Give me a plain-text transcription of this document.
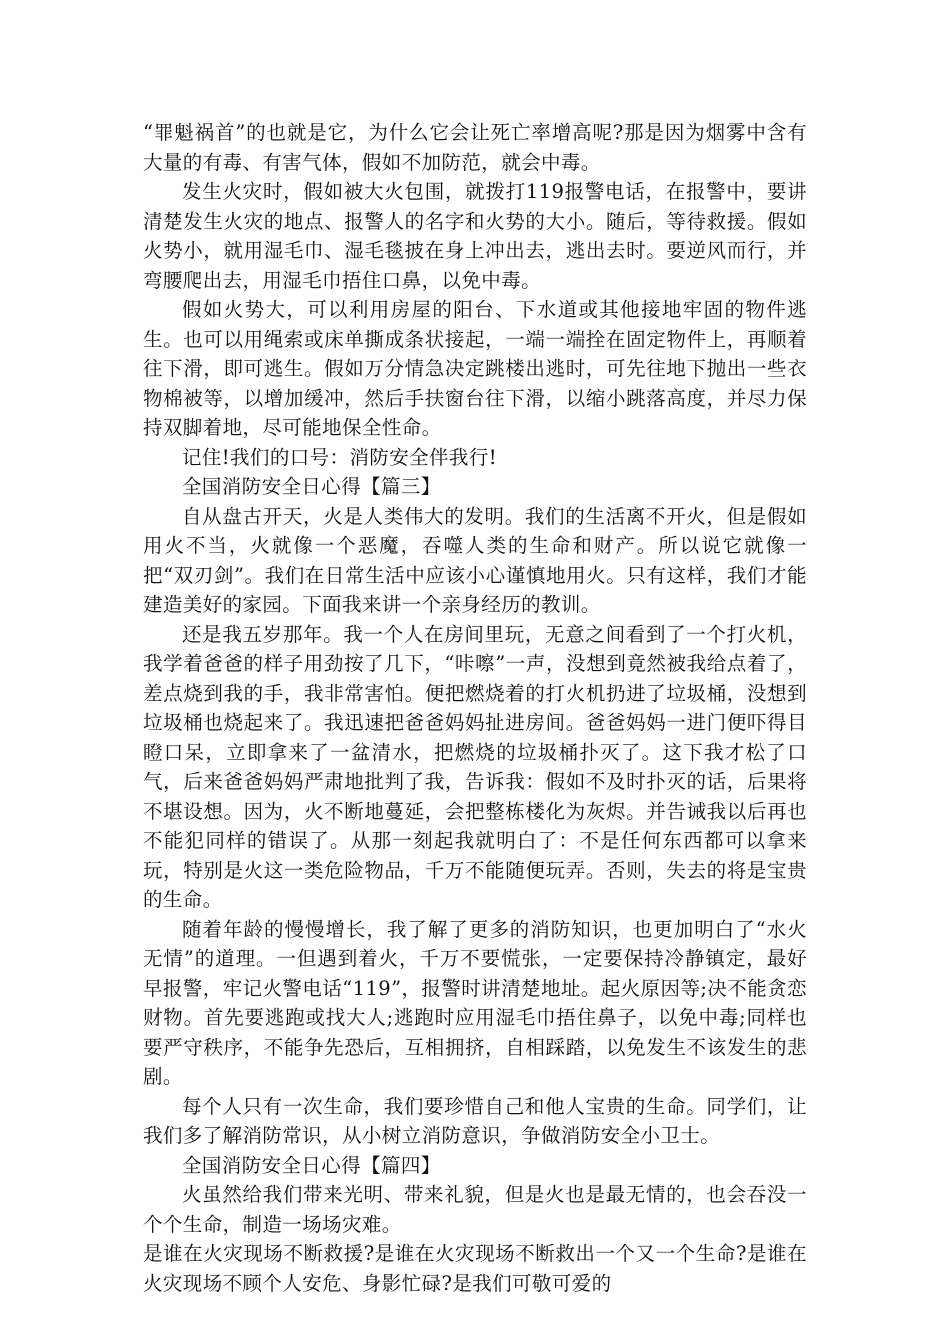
“罪魁祸首”的也就是它，为什么它会让死亡率增高呢?那是因为烟雾中含有大量的有毒、有害气体，假如不加防范，就会中毒。

发生火灾时，假如被大火包围，就拨打119报警电话，在报警中，要讲清楚发生火灾的地点、报警人的名字和火势的大小。随后，等待救援。假如火势小，就用湿毛巾、湿毛毯披在身上冲出去，逃出去时。要逆风而行，并弯腰爬出去，用湿毛巾捂住口鼻，以免中毒。

假如火势大，可以利用房屋的阳台、下水道或其他接地牢固的物件逃生。也可以用绳索或床单撕成条状接起，一端一端拴在固定物件上，再顺着往下滑，即可逃生。假如万分情急决定跳楼出逃时，可先往地下抛出一些衣物棉被等，以增加缓冲，然后手扶窗台往下滑，以缩小跳落高度，并尽力保持双脚着地，尽可能地保全性命。

记住!我们的口号：消防安全伴我行!

全国消防安全日心得【篇三】

自从盘古开天，火是人类伟大的发明。我们的生活离不开火，但是假如用火不当，火就像一个恶魔，吞噬人类的生命和财产。所以说它就像一把“双刃剑”。我们在日常生活中应该小心谨慎地用火。只有这样，我们才能建造美好的家园。下面我来讲一个亲身经历的教训。

还是我五岁那年。我一个人在房间里玩，无意之间看到了一个打火机，我学着爸爸的样子用劲按了几下，“咔嚓”一声，没想到竟然被我给点着了，差点烧到我的手，我非常害怕。便把燃烧着的打火机扔进了垃圾桶，没想到垃圾桶也烧起来了。我迅速把爸爸妈妈扯进房间。爸爸妈妈一进门便吓得目瞪口呆，立即拿来了一盆清水，把燃烧的垃圾桶扑灭了。这下我才松了口气，后来爸爸妈妈严肃地批判了我，告诉我：假如不及时扑灭的话，后果将不堪设想。因为，火不断地蔓延，会把整栋楼化为灰烬。并告诫我以后再也不能犯同样的错误了。从那一刻起我就明白了：不是任何东西都可以拿来玩，特别是火这一类危险物品，千万不能随便玩弄。否则，失去的将是宝贵的生命。

随着年龄的慢慢增长，我了解了更多的消防知识，也更加明白了“水火无情”的道理。一但遇到着火，千万不要慌张，一定要保持冷静镇定，最好早报警，牢记火警电话“119”，报警时讲清楚地址。起火原因等;决不能贪恋财物。首先要逃跑或找大人;逃跑时应用湿毛巾捂住鼻子，以免中毒;同样也要严守秩序，不能争先恐后，互相拥挤，自相踩踏，以免发生不该发生的悲剧。

每个人只有一次生命，我们要珍惜自己和他人宝贵的生命。同学们，让我们多了解消防常识，从小树立消防意识，争做消防安全小卫士。

全国消防安全日心得【篇四】

火虽然给我们带来光明、带来礼貌，但是火也是最无情的，也会吞没一个个生命，制造一场场灾难。

是谁在火灾现场不断救援?是谁在火灾现场不断救出一个又一个生命?是谁在火灾现场不顾个人安危、身影忙碌?是我们可敬可爱的
